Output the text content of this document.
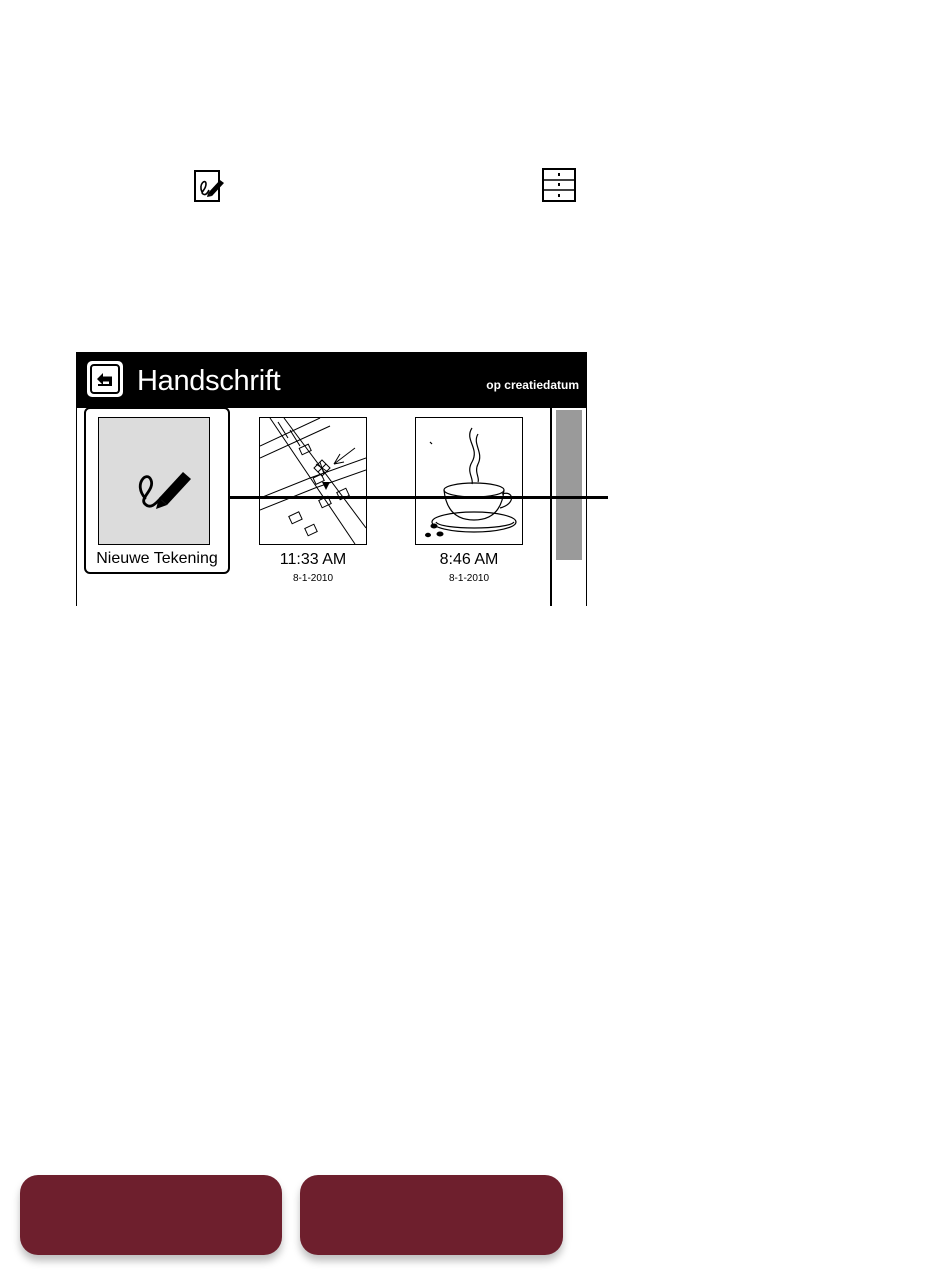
Handschrift	op creatiedatum
Nieuwe Tekening	11:33 AM
8-1-2010
8:46 AM
8-1-2010
